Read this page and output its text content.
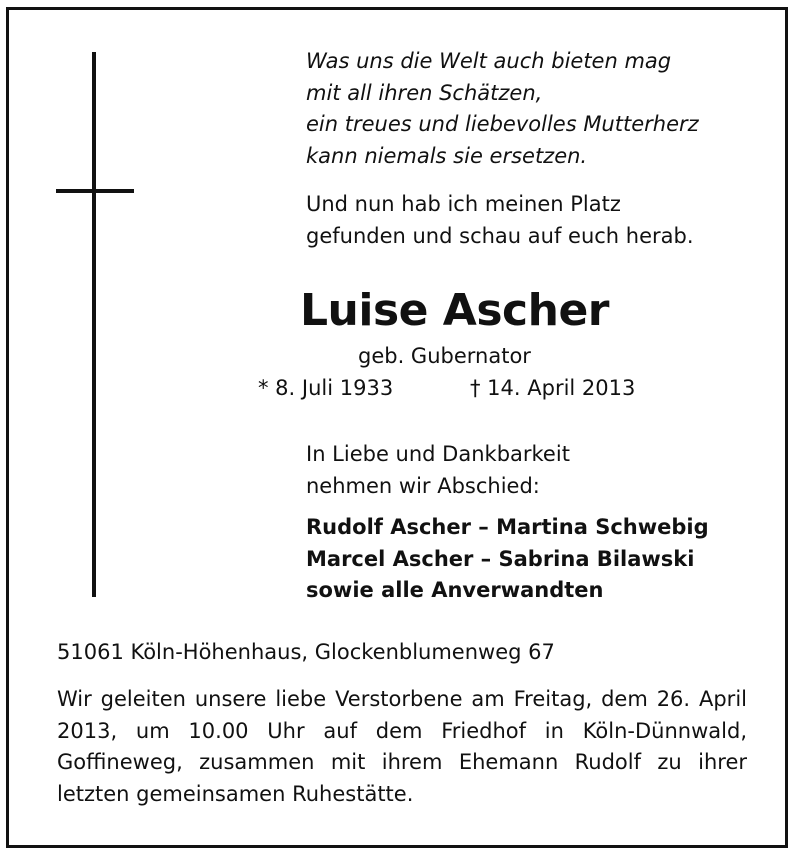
Was uns die Welt auch bieten mag
mit all ihren Schätzen,
ein treues und liebevolles Mutterherz
kann niemals sie ersetzen.
Und nun hab ich meinen Platz
gefunden und schau auf euch herab.
Luise Ascher
geb. Gubernator
* 8. Juli 1933	† 14. April 2013
In Liebe und Dankbarkeit
nehmen wir Abschied:
Rudolf Ascher – Martina Schwebig
Marcel Ascher – Sabrina Bilawski
sowie alle Anverwandten
51061 Köln-Höhenhaus, Glockenblumenweg 67
Wir geleiten unsere liebe Verstorbene am Freitag, dem 26. April 2013, um 10.00 Uhr auf dem Friedhof in Köln-Dünnwald, Goffineweg, zusammen mit ihrem Ehemann Rudolf zu ihrer letzten gemeinsamen Ruhestätte.
